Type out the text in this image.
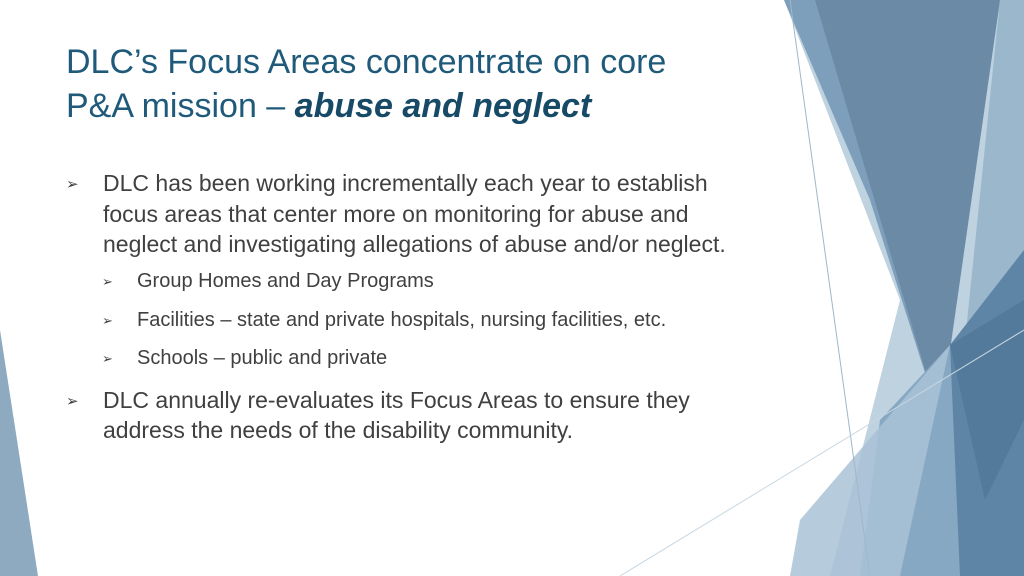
DLC’s Focus Areas concentrate on core
P&A mission – abuse and neglect
➢ DLC has been working incrementally each year to establish focus areas that center more on monitoring for abuse and neglect and investigating allegations of abuse and/or neglect.
➢ Group Homes and Day Programs
➢ Facilities – state and private hospitals, nursing facilities, etc.
➢ Schools – public and private
➢ DLC annually re-evaluates its Focus Areas to ensure they address the needs of the disability community.
